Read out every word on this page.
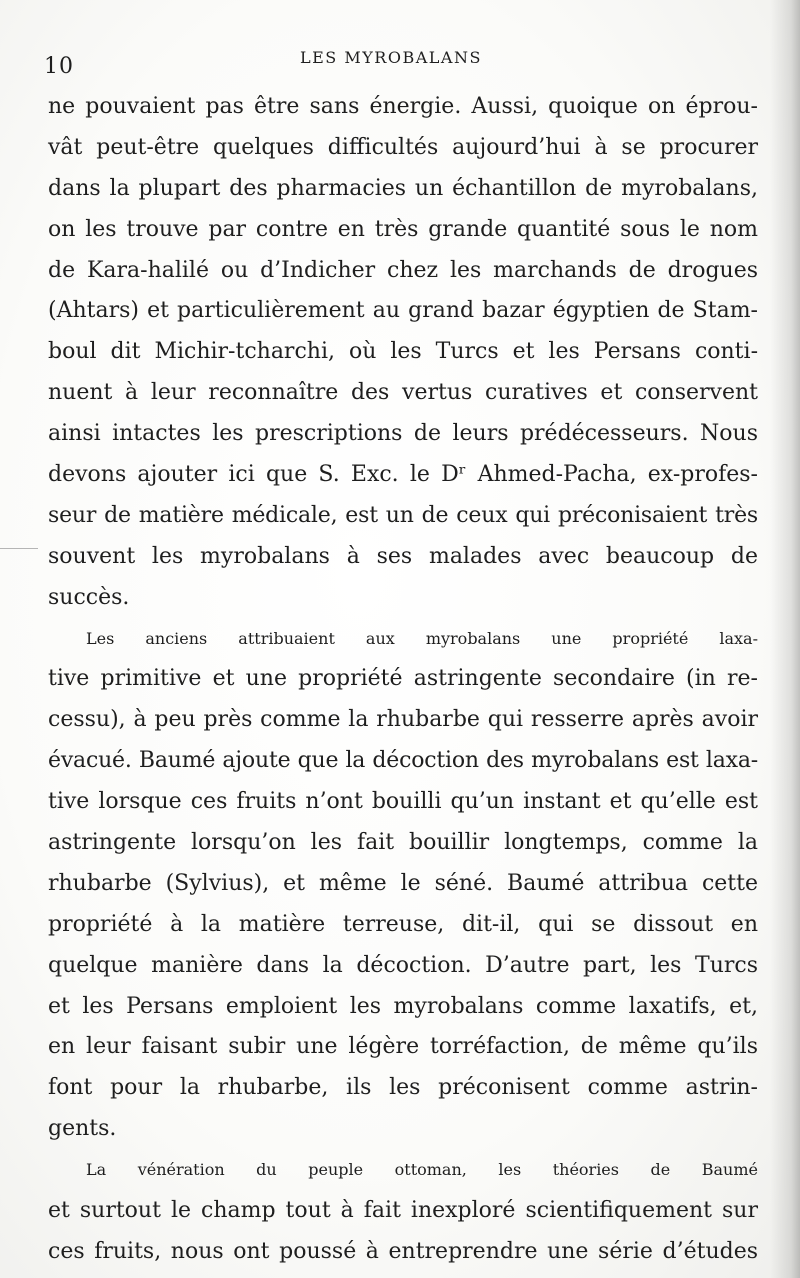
10	LES MYROBALANS
ne pouvaient pas être sans énergie. Aussi, quoique on éprou-
vât peut-être quelques difficultés aujourd’hui à se procurer
dans la plupart des pharmacies un échantillon de myrobalans,
on les trouve par contre en très grande quantité sous le nom
de Kara-halilé ou d’Indicher chez les marchands de drogues
(Ahtars) et particulièrement au grand bazar égyptien de Stam-
boul dit Michir-tcharchi, où les Turcs et les Persans conti-
nuent à leur reconnaître des vertus curatives et conservent
ainsi intactes les prescriptions de leurs prédécesseurs. Nous
devons ajouter ici que S. Exc. le Dʳ Ahmed-Pacha, ex-profes-
seur de matière médicale, est un de ceux qui préconisaient très
souvent les myrobalans à ses malades avec beaucoup de
succès.
Les anciens attribuaient aux myrobalans une propriété laxa-
tive primitive et une propriété astringente secondaire (in re-
cessu), à peu près comme la rhubarbe qui resserre après avoir
évacué. Baumé ajoute que la décoction des myrobalans est laxa-
tive lorsque ces fruits n’ont bouilli qu’un instant et qu’elle est
astringente lorsqu’on les fait bouillir longtemps, comme la
rhubarbe (Sylvius), et même le séné. Baumé attribua cette
propriété à la matière terreuse, dit-il, qui se dissout en
quelque manière dans la décoction. D’autre part, les Turcs
et les Persans emploient les myrobalans comme laxatifs, et,
en leur faisant subir une légère torréfaction, de même qu’ils
font pour la rhubarbe, ils les préconisent comme astrin-
gents.
La vénération du peuple ottoman, les théories de Baumé
et surtout le champ tout à fait inexploré scientifiquement sur
ces fruits, nous ont poussé à entreprendre une série d’études
